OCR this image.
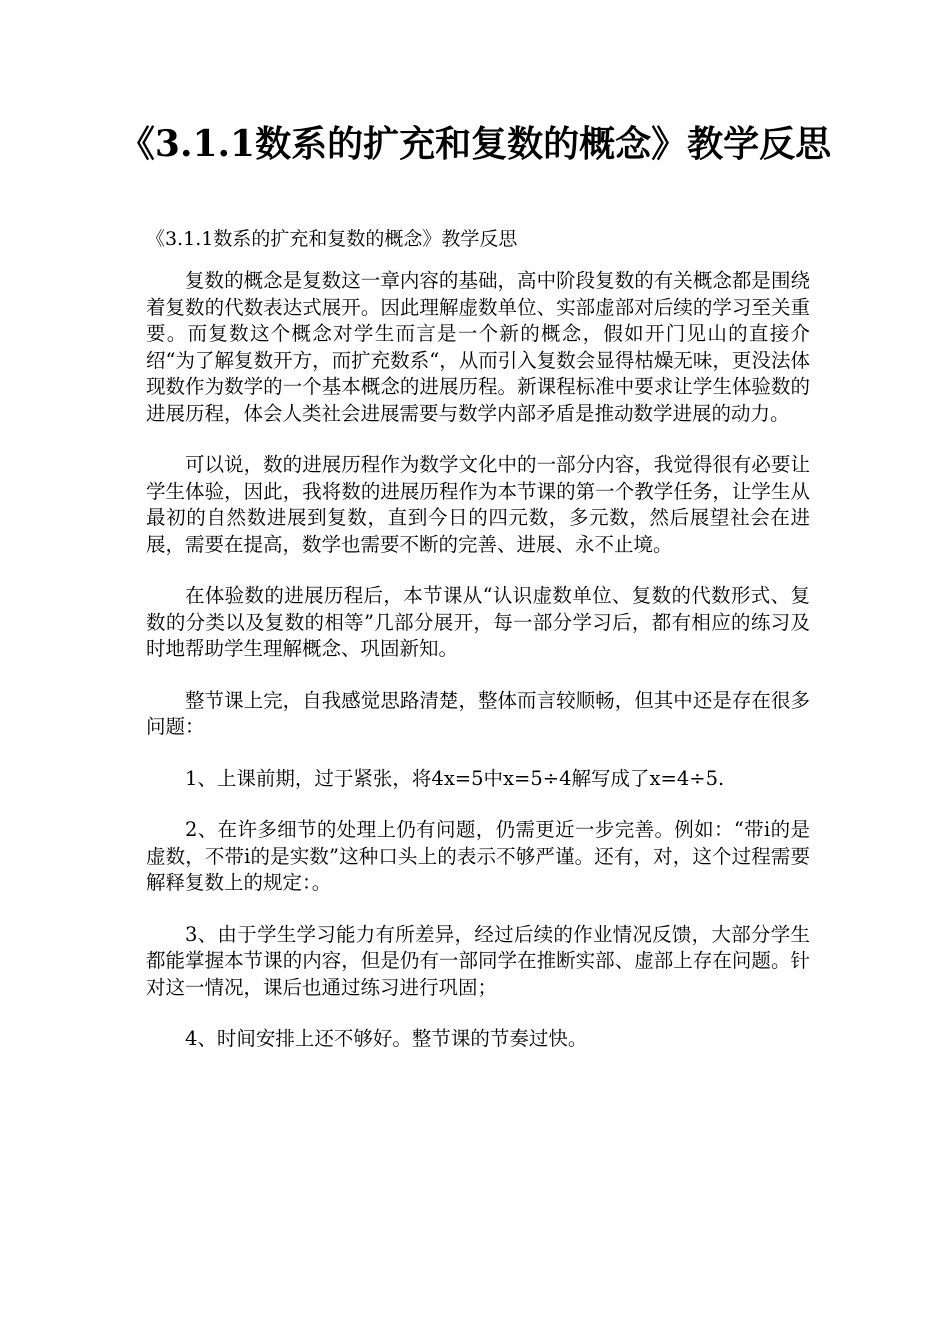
《3.1.1数系的扩充和复数的概念》教学反思

《3.1.1数系的扩充和复数的概念》教学反思

复数的概念是复数这一章内容的基础，高中阶段复数的有关概念都是围绕着复数的代数表达式展开。因此理解虚数单位、实部虚部对后续的学习至关重要。而复数这个概念对学生而言是一个新的概念，假如开门见山的直接介绍“为了解复数开方，而扩充数系“，从而引入复数会显得枯燥无味，更没法体现数作为数学的一个基本概念的进展历程。新课程标准中要求让学生体验数的进展历程，体会人类社会进展需要与数学内部矛盾是推动数学进展的动力。

可以说，数的进展历程作为数学文化中的一部分内容，我觉得很有必要让学生体验，因此，我将数的进展历程作为本节课的第一个教学任务，让学生从最初的自然数进展到复数，直到今日的四元数，多元数，然后展望社会在进展，需要在提高，数学也需要不断的完善、进展、永不止境。

在体验数的进展历程后，本节课从“认识虚数单位、复数的代数形式、复数的分类以及复数的相等”几部分展开，每一部分学习后，都有相应的练习及时地帮助学生理解概念、巩固新知。

整节课上完，自我感觉思路清楚，整体而言较顺畅，但其中还是存在很多问题：

1、上课前期，过于紧张，将4x=5中x=5÷4解写成了x=4÷5.

2、在许多细节的处理上仍有问题，仍需更近一步完善。例如：“带i的是虚数，不带i的是实数”这种口头上的表示不够严谨。还有，对，这个过程需要解释复数上的规定：。

3、由于学生学习能力有所差异，经过后续的作业情况反馈，大部分学生都能掌握本节课的内容，但是仍有一部同学在推断实部、虚部上存在问题。针对这一情况，课后也通过练习进行巩固；

4、时间安排上还不够好。整节课的节奏过快。
